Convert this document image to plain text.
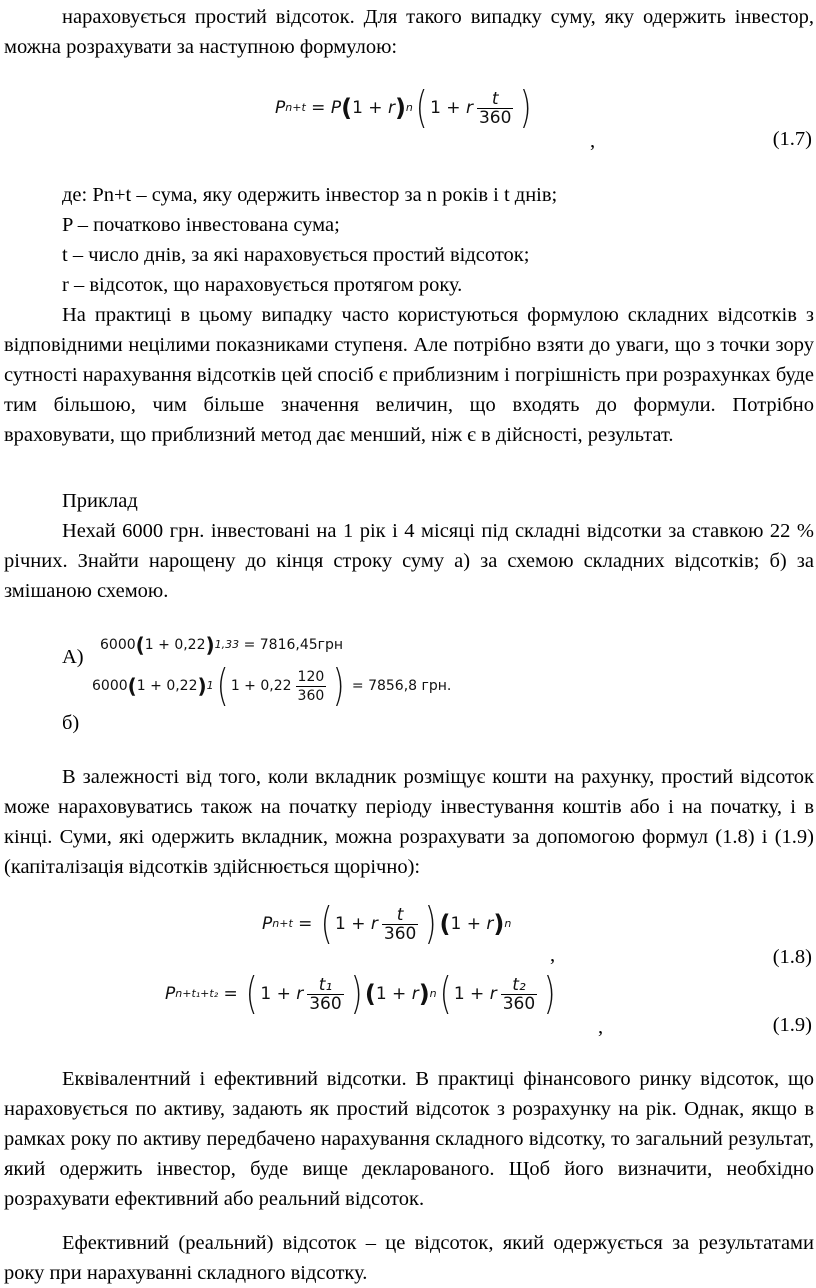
нараховується простий відсоток. Для такого випадку суму, яку одержить інвестор, можна розрахувати за наступною формулою:

P n+t = P ( 1 + r ) n ( 1 + r $\frac{t}{360}$ )
,	(1.7)
де: Pn+t – сума, яку одержить інвестор за n років і t днів;
P – початково інвестована сума;
t – число днів, за які нараховується простий відсоток;
r – відсоток, що нараховується протягом року.

На практиці в цьому випадку часто користуються формулою складних відсотків з відповідними нецілими показниками ступеня. Але потрібно взяти до уваги, що з точки зору сутності нарахування відсотків цей спосіб є приблизним і погрішність при розрахунках буде тим більшою, чим більше значення величин, що входять до формули. Потрібно враховувати, що приблизний метод дає менший, ніж є в дійсності, результат.

Приклад

Нехай 6000 грн. інвестовані на 1 рік і 4 місяці під складні відсотки за ставкою 22 % річних. Знайти нарощену до кінця строку суму а) за схемою складних відсотків; б) за змішаною схемою.

А)
6000 ( 1 + 0,22 ) 1,33
= 7816,45грн
6000 ( 1 + 0,22 ) 1 ( $1 + 0,22 \frac{120}{360}$ )
= 7856,8 грн.
б)

В залежності від того, коли вкладник розміщує кошти на рахунку, простий відсоток може нараховуватись також на початку періоду інвестування коштів або і на початку, і в кінці. Суми, які одержить вкладник, можна розрахувати за допомогою формул (1.8) і (1.9) (капіталізація відсотків здійснюється щорічно):

P n+t = ( 1 + r $\frac{t}{360}$ ) ( 1 + r ) n
,	(1.8)
P n+t₁+t₂ = ( 1 + r $\frac{\text{t₁}}{360}$ ) ( 1 + r ) n ( 1 + r $\frac{\text{t₂}}{360}$ )
,	(1.9)

Еквівалентний і ефективний відсотки. В практиці фінансового ринку відсоток, що нараховується по активу, задають як простий відсоток з розрахунку на рік. Однак, якщо в рамках року по активу передбачено нарахування складного відсотку, то загальний результат, який одержить інвестор, буде вище декларованого. Щоб його визначити, необхідно розрахувати ефективний або реальний відсоток.

Ефективний (реальний) відсоток – це відсоток, який одержується за результатами року при нарахуванні складного відсотку.
